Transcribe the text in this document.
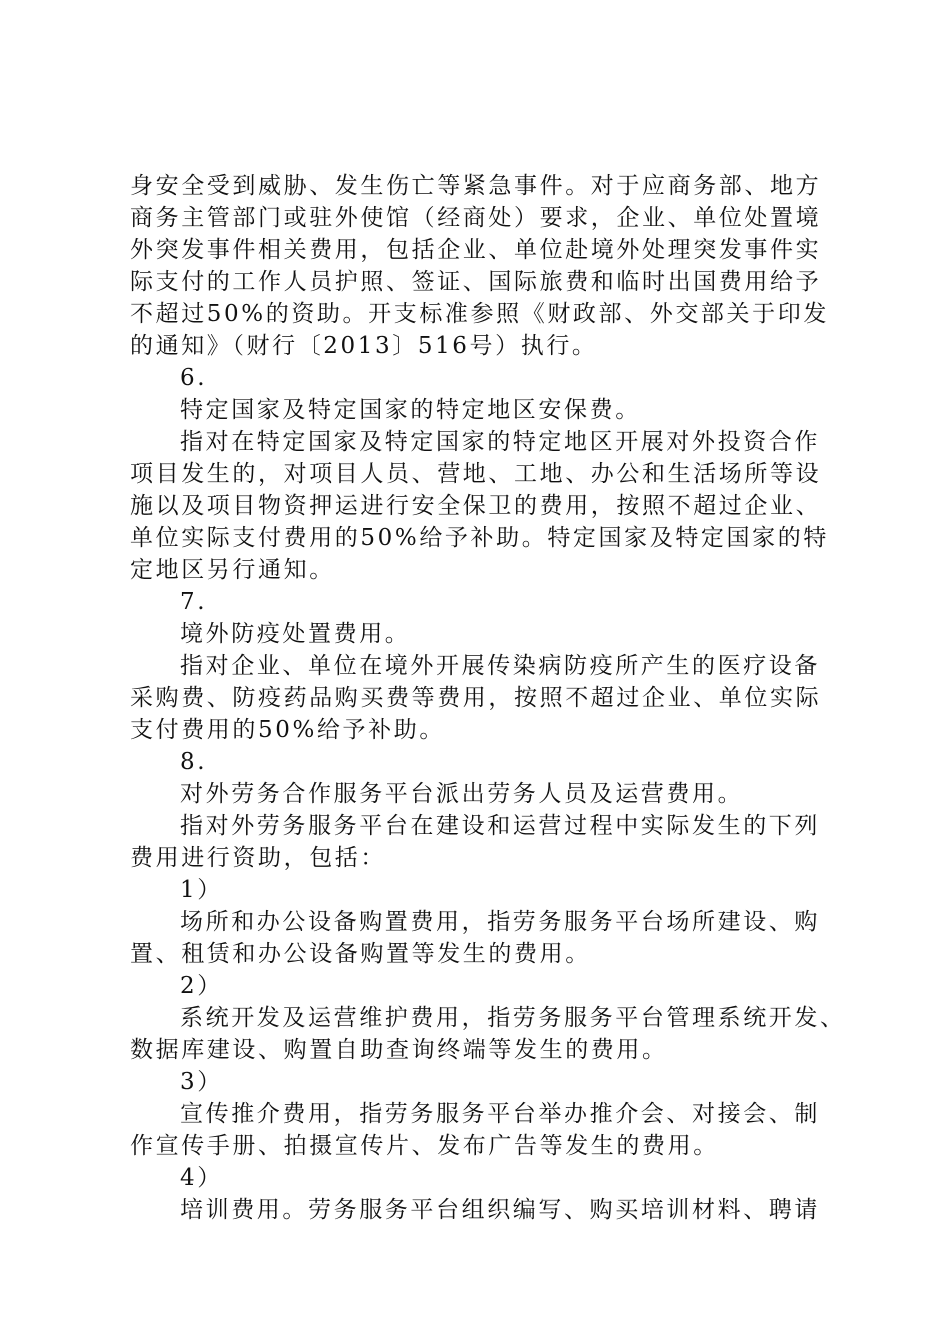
身安全受到威胁、发生伤亡等紧急事件。对于应商务部、地方
商务主管部门或驻外使馆（经商处）要求，企业、单位处置境
外突发事件相关费用，包括企业、单位赴境外处理突发事件实
际支付的工作人员护照、签证、国际旅费和临时出国费用给予
不超过50%的资助。开支标准参照《财政部、外交部关于印发
的通知》（财行〔2013〕516号）执行。
6.
特定国家及特定国家的特定地区安保费。
指对在特定国家及特定国家的特定地区开展对外投资合作
项目发生的，对项目人员、营地、工地、办公和生活场所等设
施以及项目物资押运进行安全保卫的费用，按照不超过企业、
单位实际支付费用的50%给予补助。特定国家及特定国家的特
定地区另行通知。
7.
境外防疫处置费用。
指对企业、单位在境外开展传染病防疫所产生的医疗设备
采购费、防疫药品购买费等费用，按照不超过企业、单位实际
支付费用的50%给予补助。
8.
对外劳务合作服务平台派出劳务人员及运营费用。
指对外劳务服务平台在建设和运营过程中实际发生的下列
费用进行资助，包括：
1）
场所和办公设备购置费用，指劳务服务平台场所建设、购
置、租赁和办公设备购置等发生的费用。
2）
系统开发及运营维护费用，指劳务服务平台管理系统开发、
数据库建设、购置自助查询终端等发生的费用。
3）
宣传推介费用，指劳务服务平台举办推介会、对接会、制
作宣传手册、拍摄宣传片、发布广告等发生的费用。
4）
培训费用。劳务服务平台组织编写、购买培训材料、聘请
